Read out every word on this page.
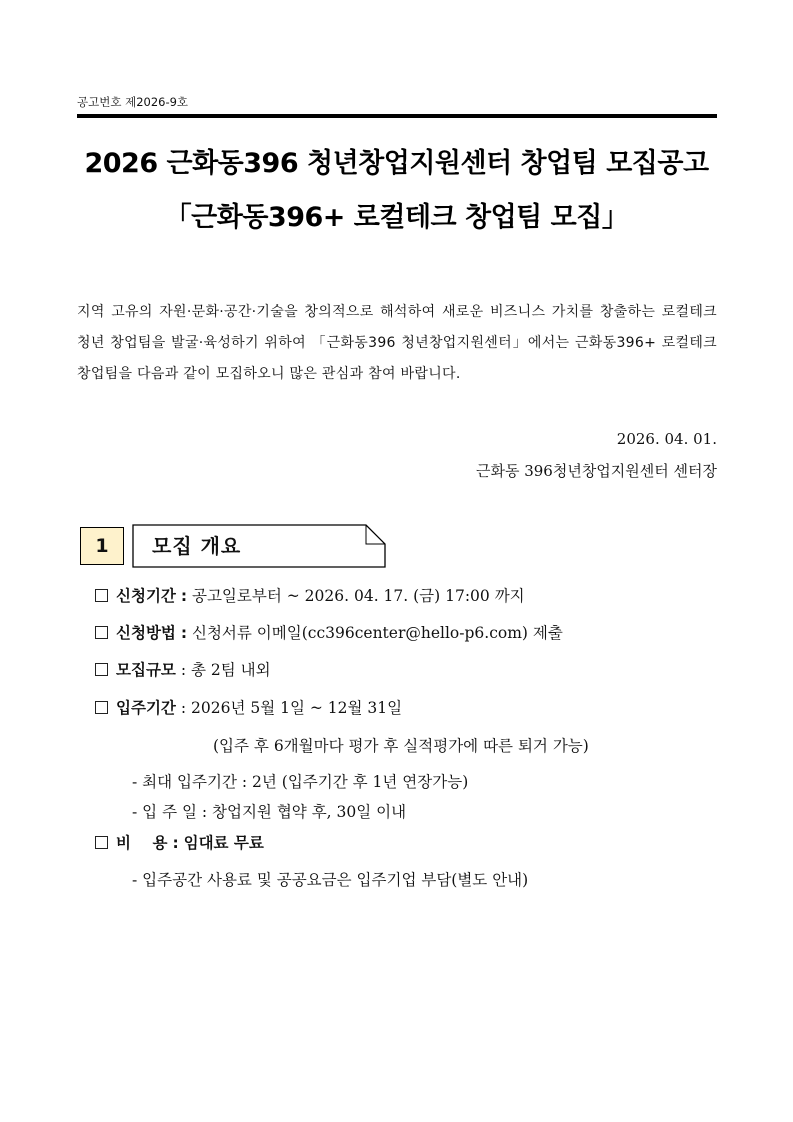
공고번호 제2026-9호
2026 근화동396 청년창업지원센터 창업팀 모집공고
「근화동396+ 로컬테크 창업팀 모집」
지역 고유의 자원·문화·공간·기술을 창의적으로 해석하여 새로운 비즈니스 가치를 창출하는 로컬테크 청년 창업팀을 발굴·육성하기 위하여 「근화동396 청년창업지원센터」에서는 근화동396+ 로컬테크 창업팀을 다음과 같이 모집하오니 많은 관심과 참여 바랍니다.
2026. 04. 01.
근화동 396청년창업지원센터 센터장
1	모집 개요
신청기간 : 공고일로부터 ~ 2026. 04. 17. (금) 17:00 까지
신청방법 : 신청서류 이메일(cc396center@hello-p6.com) 제출
모집규모 : 총 2팀 내외
입주기간 : 2026년 5월 1일 ~ 12월 31일
(입주 후 6개월마다 평가 후 실적평가에 따른 퇴거 가능)
- 최대 입주기간 : 2년 (입주기간 후 1년 연장가능)
- 입 주 일 : 창업지원 협약 후, 30일 이내
비    용 : 임대료 무료
- 입주공간 사용료 및 공공요금은 입주기업 부담(별도 안내)
